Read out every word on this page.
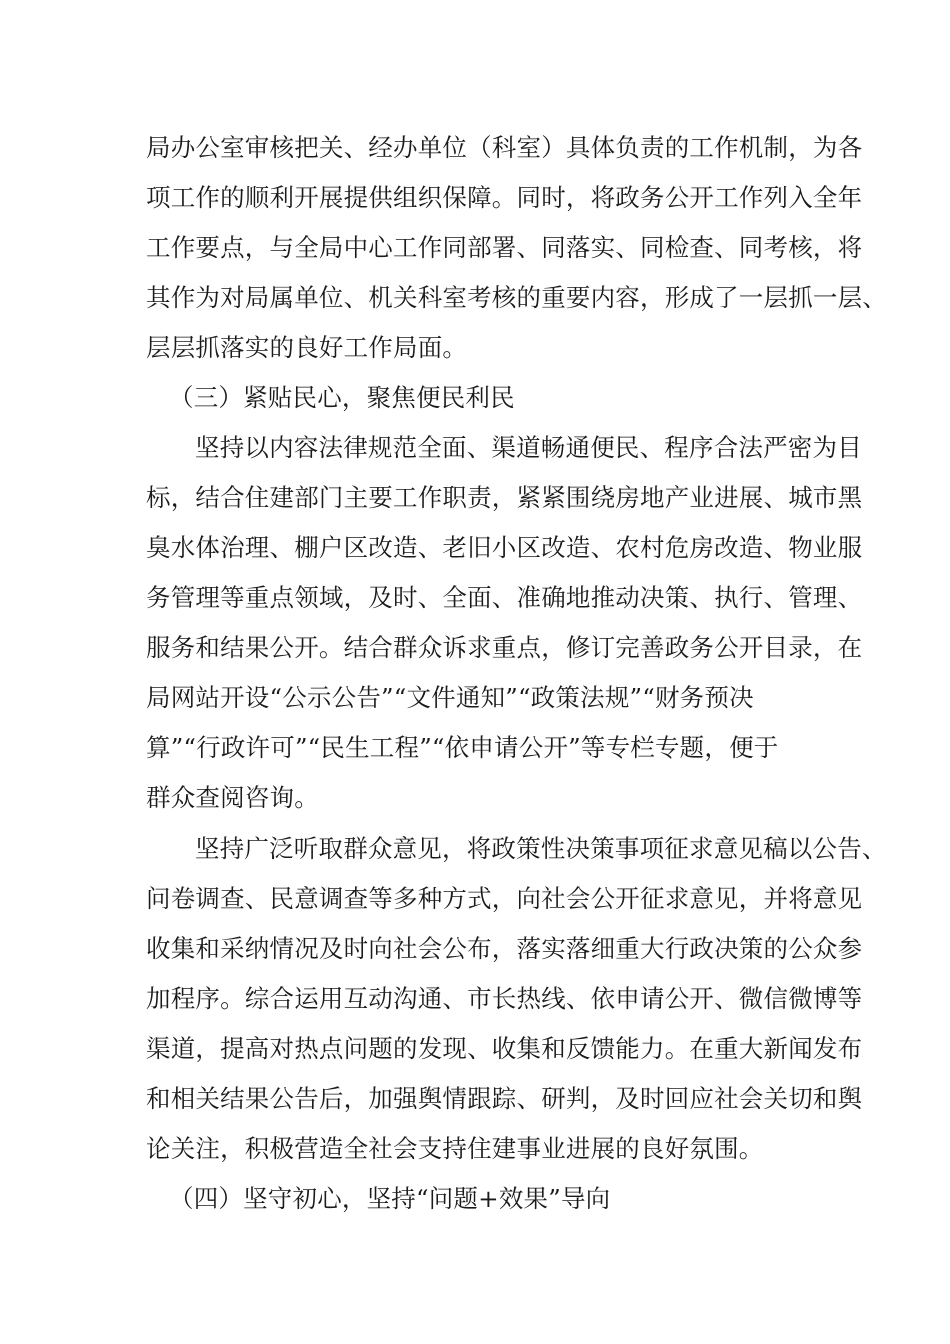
局办公室审核把关、经办单位（科室）具体负责的工作机制，为各
项工作的顺利开展提供组织保障。同时，将政务公开工作列入全年
工作要点，与全局中心工作同部署、同落实、同检查、同考核，将
其作为对局属单位、机关科室考核的重要内容，形成了一层抓一层、
层层抓落实的良好工作局面。
（三）紧贴民心，聚焦便民利民
坚持以内容法律规范全面、渠道畅通便民、程序合法严密为目
标，结合住建部门主要工作职责，紧紧围绕房地产业进展、城市黑
臭水体治理、棚户区改造、老旧小区改造、农村危房改造、物业服
务管理等重点领域，及时、全面、准确地推动决策、执行、管理、
服务和结果公开。结合群众诉求重点，修订完善政务公开目录，在
局网站开设“公示公告”“文件通知”“政策法规”“财务预决
算”“行政许可”“民生工程”“依申请公开”等专栏专题，便于
群众查阅咨询。
坚持广泛听取群众意见，将政策性决策事项征求意见稿以公告、
问卷调查、民意调查等多种方式，向社会公开征求意见，并将意见
收集和采纳情况及时向社会公布，落实落细重大行政决策的公众参
加程序。综合运用互动沟通、市长热线、依申请公开、微信微博等
渠道，提高对热点问题的发现、收集和反馈能力。在重大新闻发布
和相关结果公告后，加强舆情跟踪、研判，及时回应社会关切和舆
论关注，积极营造全社会支持住建事业进展的良好氛围。
（四）坚守初心，坚持“问题+效果”导向
